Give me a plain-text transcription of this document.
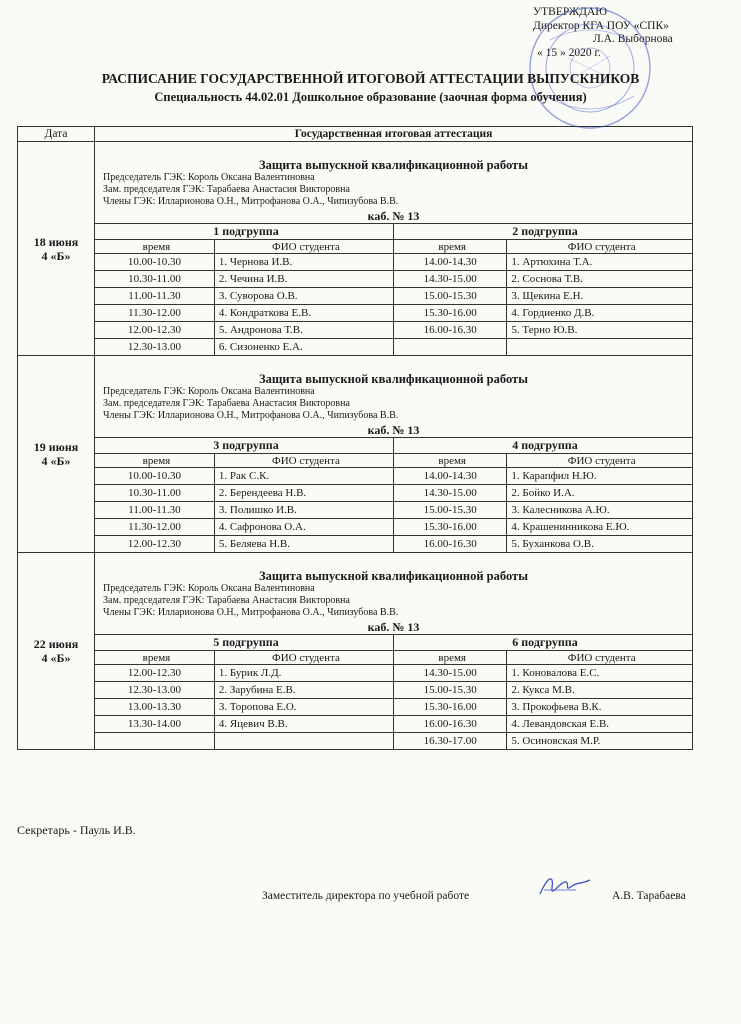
УТВЕРЖДАЮ
Директор КГА ПОУ «СПК»
Л.А. Выборнова
« 15 » 2020 г.
РАСПИСАНИЕ ГОСУДАРСТВЕННОЙ ИТОГОВОЙ АТТЕСТАЦИИ ВЫПУСКНИКОВ
Специальность 44.02.01 Дошкольное образование (заочная форма обучения)
Дата	Государственная итоговая аттестация

18 июня
4 «Б»

Защита выпускной квалификационной работы
Председатель ГЭК: Король Оксана Валентиновна
Зам. председателя ГЭК: Тарабаева Анастасия Викторовна
Члены ГЭК: Илларионова О.Н., Митрофанова О.А., Чипизубова В.В.
каб. № 13
1 подгруппа	2 подгруппа
время	ФИО студента	время	ФИО студента
10.00-10.30	1. Чернова И.В.	14.00-14.30	1. Артюхина Т.А.
10.30-11.00	2. Чечина И.В.	14.30-15.00	2. Соснова Т.В.
11.00-11.30	3. Суворова О.В.	15.00-15.30	3. Щекина Е.Н.
11.30-12.00	4. Кондраткова Е.В.	15.30-16.00	4. Гордиенко Д.В.
12.00-12.30	5. Андронова Т.В.	16.00-16.30	5. Терно Ю.В.
12.30-13.00	6. Сизоненко Е.А.		

19 июня
4 «Б»

Защита выпускной квалификационной работы
Председатель ГЭК: Король Оксана Валентиновна
Зам. председателя ГЭК: Тарабаева Анастасия Викторовна
Члены ГЭК: Илларионова О.Н., Митрофанова О.А., Чипизубова В.В.
каб. № 13
3 подгруппа	4 подгруппа
время	ФИО студента	время	ФИО студента
10.00-10.30	1. Рак С.К.	14.00-14.30	1. Карапфил Н.Ю.
10.30-11.00	2. Берендеева Н.В.	14.30-15.00	2. Бойко И.А.
11.00-11.30	3. Полишко И.В.	15.00-15.30	3. Калесникова А.Ю.
11.30-12.00	4. Сафронова О.А.	15.30-16.00	4. Крашенинникова Е.Ю.
12.00-12.30	5. Беляева Н.В.	16.00-16.30	5. Буханкова О.В.

22 июня
4 «Б»

Защита выпускной квалификационной работы
Председатель ГЭК: Король Оксана Валентиновна
Зам. председателя ГЭК: Тарабаева Анастасия Викторовна
Члены ГЭК: Илларионова О.Н., Митрофанова О.А., Чипизубова В.В.
каб. № 13
5 подгруппа	6 подгруппа
время	ФИО студента	время	ФИО студента
12.00-12.30	1. Бурик Л.Д.	14.30-15.00	1. Коновалова Е.С.
12.30-13.00	2. Зарубина Е.В.	15.00-15.30	2. Кукса М.В.
13.00-13.30	3. Торопова Е.О.	15.30-16.00	3. Прокофьева В.К.
13.30-14.00	4. Яцевич В.В.	16.00-16.30	4. Левандовская Е.В.
		16.30-17.00	5. Осиновская М.Р.
Секретарь - Пауль И.В.
Заместитель директора по учебной работе	А.В. Тарабаева
